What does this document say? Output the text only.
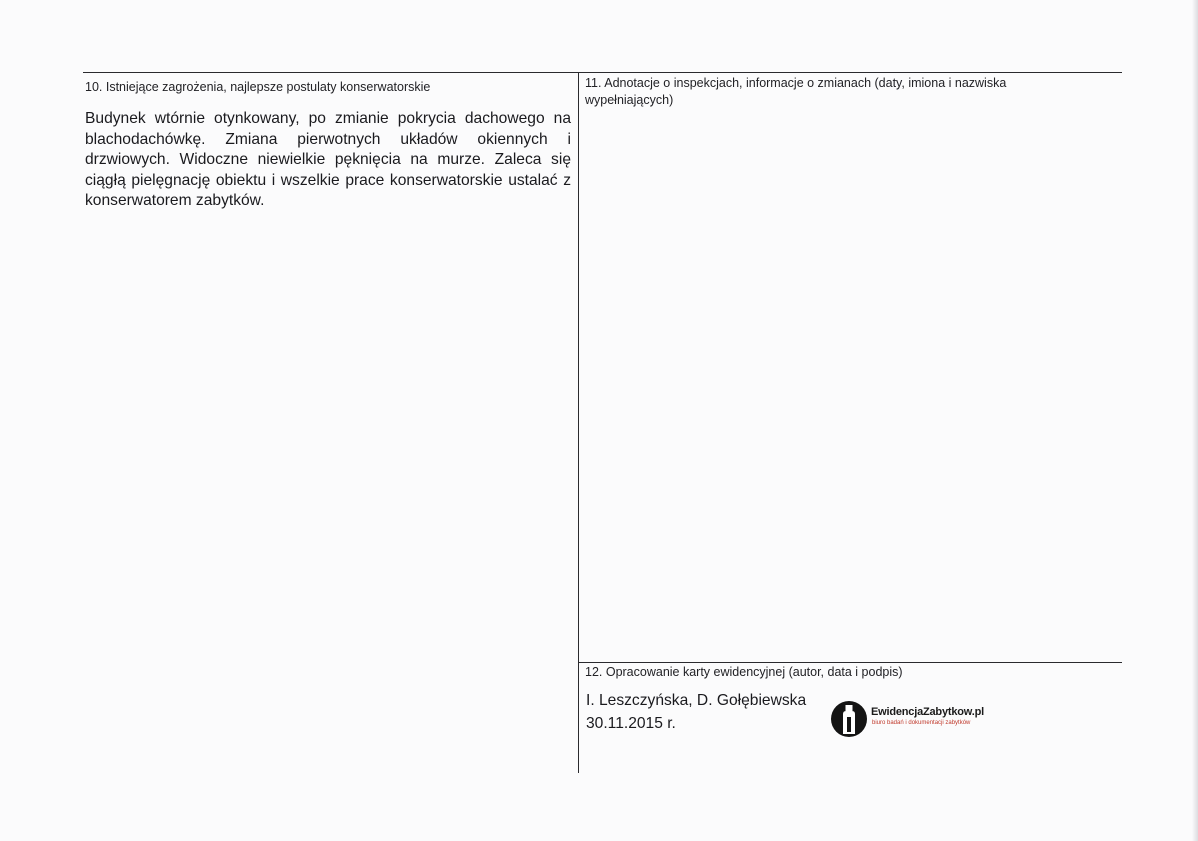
10. Istniejące zagrożenia, najlepsze postulaty konserwatorskie

Budynek wtórnie otynkowany, po zmianie pokrycia dachowego na blachodachówkę. Zmiana pierwotnych układów okiennych i drzwiowych. Widoczne niewielkie pęknięcia na murze. Zaleca się ciągłą pielęgnację obiektu i wszelkie prace konserwatorskie ustalać z konserwatorem zabytków.

11. Adnotacje o inspekcjach, informacje o zmianach (daty, imiona i nazwiska wypełniających)
12. Opracowanie karty ewidencyjnej (autor, data i podpis)
I. Leszczyńska, D. Gołębiewska
30.11.2015 r.
EwidencjaZabytkow.pl
biuro badań i dokumentacji zabytków
